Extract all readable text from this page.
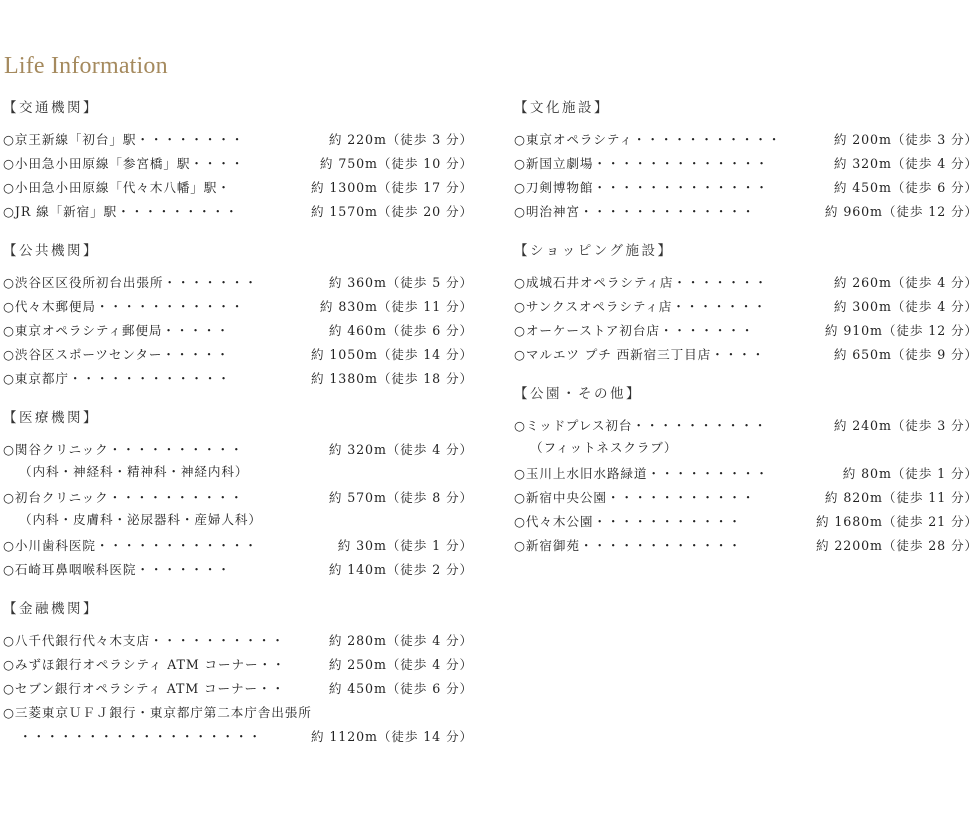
Life Information
【交通機関】
○京王新線「初台」駅・・・・・・・・	約 220m（徒歩 3 分）
○小田急小田原線「参宮橋」駅・・・・	約 750m（徒歩 10 分）
○小田急小田原線「代々木八幡」駅・	約 1300m（徒歩 17 分）
○JR 線「新宿」駅・・・・・・・・・	約 1570m（徒歩 20 分）
【公共機関】
○渋谷区区役所初台出張所・・・・・・・	約 360m（徒歩 5 分）
○代々木郵便局・・・・・・・・・・・	約 830m（徒歩 11 分）
○東京オペラシティ郵便局・・・・・	約 460m（徒歩 6 分）
○渋谷区スポーツセンター・・・・・	約 1050m（徒歩 14 分）
○東京都庁・・・・・・・・・・・・	約 1380m（徒歩 18 分）
【医療機関】
○関谷クリニック・・・・・・・・・・	約 320m（徒歩 4 分）
（内科・神経科・精神科・神経内科）
○初台クリニック・・・・・・・・・・	約 570m（徒歩 8 分）
（内科・皮膚科・泌尿器科・産婦人科）
○小川歯科医院・・・・・・・・・・・・	約 30m（徒歩 1 分）
○石崎耳鼻咽喉科医院・・・・・・・	約 140m（徒歩 2 分）
【金融機関】
○八千代銀行代々木支店・・・・・・・・・・	約 280m（徒歩 4 分）
○みずほ銀行オペラシティ ATM コーナー・・	約 250m（徒歩 4 分）
○セブン銀行オペラシティ ATM コーナー・・	約 450m（徒歩 6 分）
○三菱東京ＵＦＪ銀行・東京都庁第二本庁舎出張所
・・・・・・・・・・・・・・・・・・	約 1120m（徒歩 14 分）
【文化施設】
○東京オペラシティ・・・・・・・・・・・	約 200m（徒歩 3 分）
○新国立劇場・・・・・・・・・・・・・	約 320m（徒歩 4 分）
○刀剣博物館・・・・・・・・・・・・・	約 450m（徒歩 6 分）
○明治神宮・・・・・・・・・・・・・	約 960m（徒歩 12 分）
【ショッピング施設】
○成城石井オペラシティ店・・・・・・・	約 260m（徒歩 4 分）
○サンクスオペラシティ店・・・・・・・	約 300m（徒歩 4 分）
○オーケーストア初台店・・・・・・・	約 910m（徒歩 12 分）
○マルエツ プチ 西新宿三丁目店・・・・	約 650m（徒歩 9 分）
【公園・その他】
○ミッドプレス初台・・・・・・・・・・	約 240m（徒歩 3 分）
（フィットネスクラブ）
○玉川上水旧水路緑道・・・・・・・・・	約 80m（徒歩 1 分）
○新宿中央公園・・・・・・・・・・・	約 820m（徒歩 11 分）
○代々木公園・・・・・・・・・・・	約 1680m（徒歩 21 分）
○新宿御苑・・・・・・・・・・・・	約 2200m（徒歩 28 分）
